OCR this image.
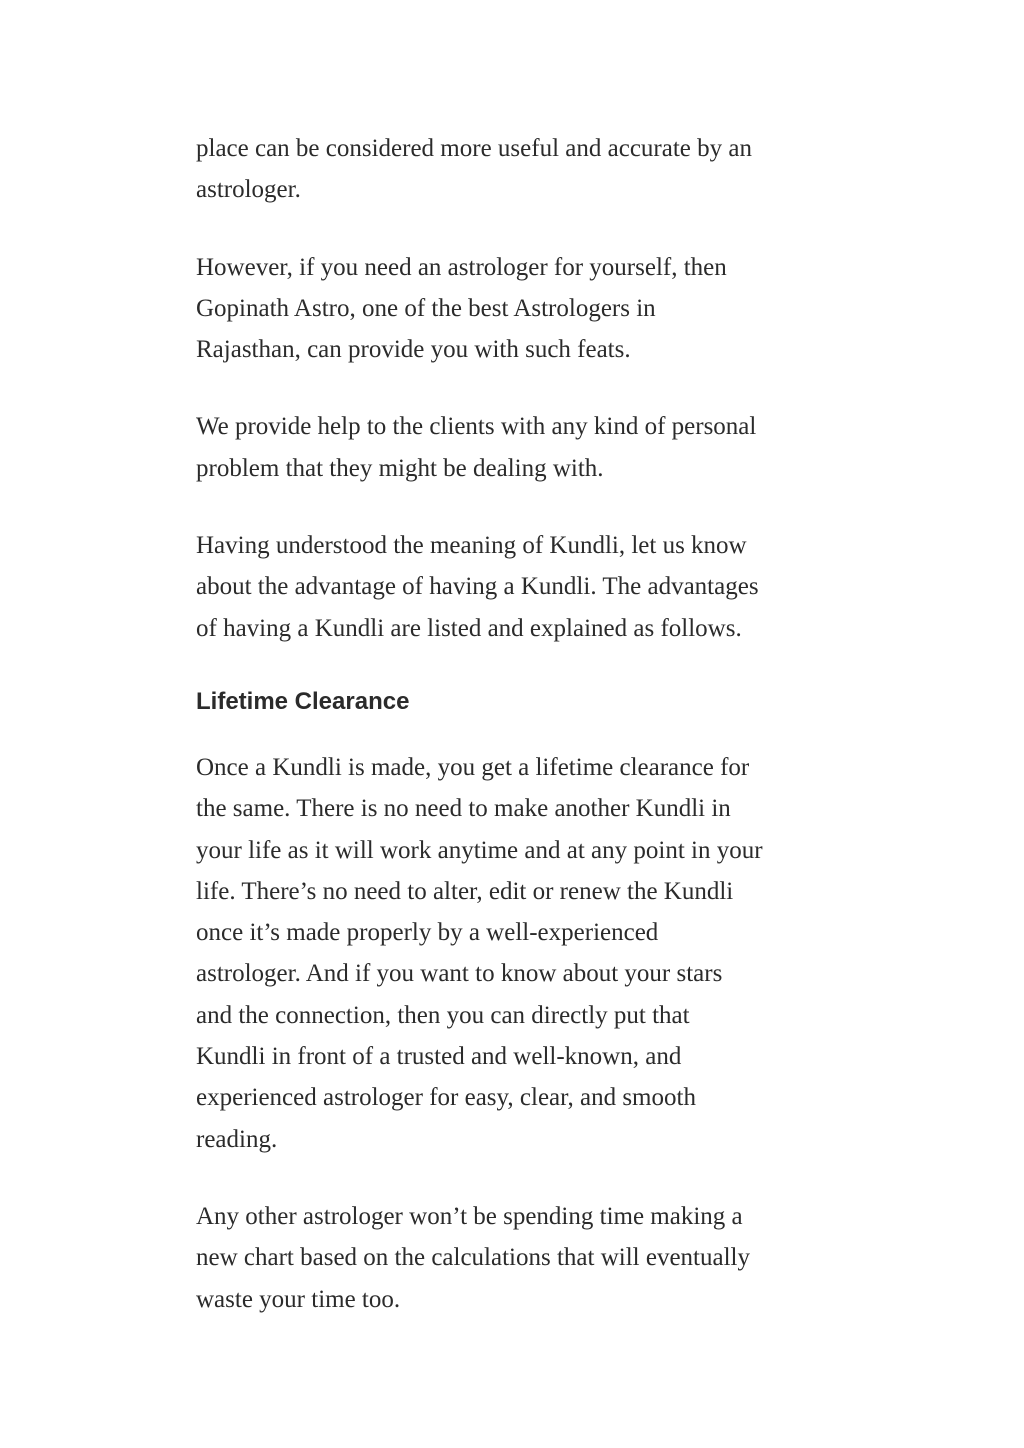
place can be considered more useful and accurate by an
astrologer.

However, if you need an astrologer for yourself, then
Gopinath Astro, one of the best Astrologers in
Rajasthan, can provide you with such feats.

We provide help to the clients with any kind of personal
problem that they might be dealing with.

Having understood the meaning of Kundli, let us know
about the advantage of having a Kundli. The advantages
of having a Kundli are listed and explained as follows.

Lifetime Clearance

Once a Kundli is made, you get a lifetime clearance for
the same. There is no need to make another Kundli in
your life as it will work anytime and at any point in your
life. There’s no need to alter, edit or renew the Kundli
once it’s made properly by a well-experienced
astrologer. And if you want to know about your stars
and the connection, then you can directly put that
Kundli in front of a trusted and well-known, and
experienced astrologer for easy, clear, and smooth
reading.

Any other astrologer won’t be spending time making a
new chart based on the calculations that will eventually
waste your time too.
